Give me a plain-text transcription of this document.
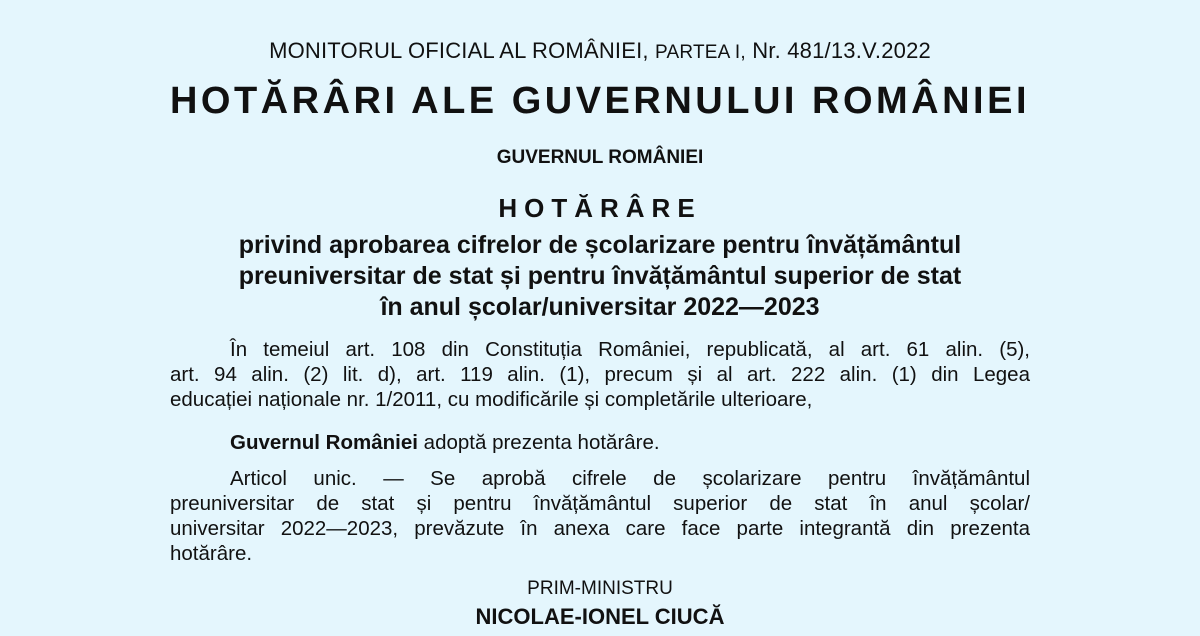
MONITORUL OFICIAL AL ROMÂNIEI, PARTEA I, Nr. 481/13.V.2022
HOTĂRÂRI ALE GUVERNULUI ROMÂNIEI
GUVERNUL ROMÂNIEI
HOTĂRÂRE
privind aprobarea cifrelor de școlarizare pentru învățământul
preuniversitar de stat și pentru învățământul superior de stat
în anul școlar/universitar 2022—2023
În temeiul art. 108 din Constituția României, republicată, al art. 61 alin. (5),
art. 94 alin. (2) lit. d), art. 119 alin. (1), precum și al art. 222 alin. (1) din Legea
educației naționale nr. 1/2011, cu modificările și completările ulterioare,
Guvernul României adoptă prezenta hotărâre.
Articol unic. — Se aprobă cifrele de școlarizare pentru învățământul
preuniversitar de stat și pentru învățământul superior de stat în anul școlar/
universitar 2022—2023, prevăzute în anexa care face parte integrantă din prezenta
hotărâre.
PRIM-MINISTRU
NICOLAE-IONEL CIUCĂ
